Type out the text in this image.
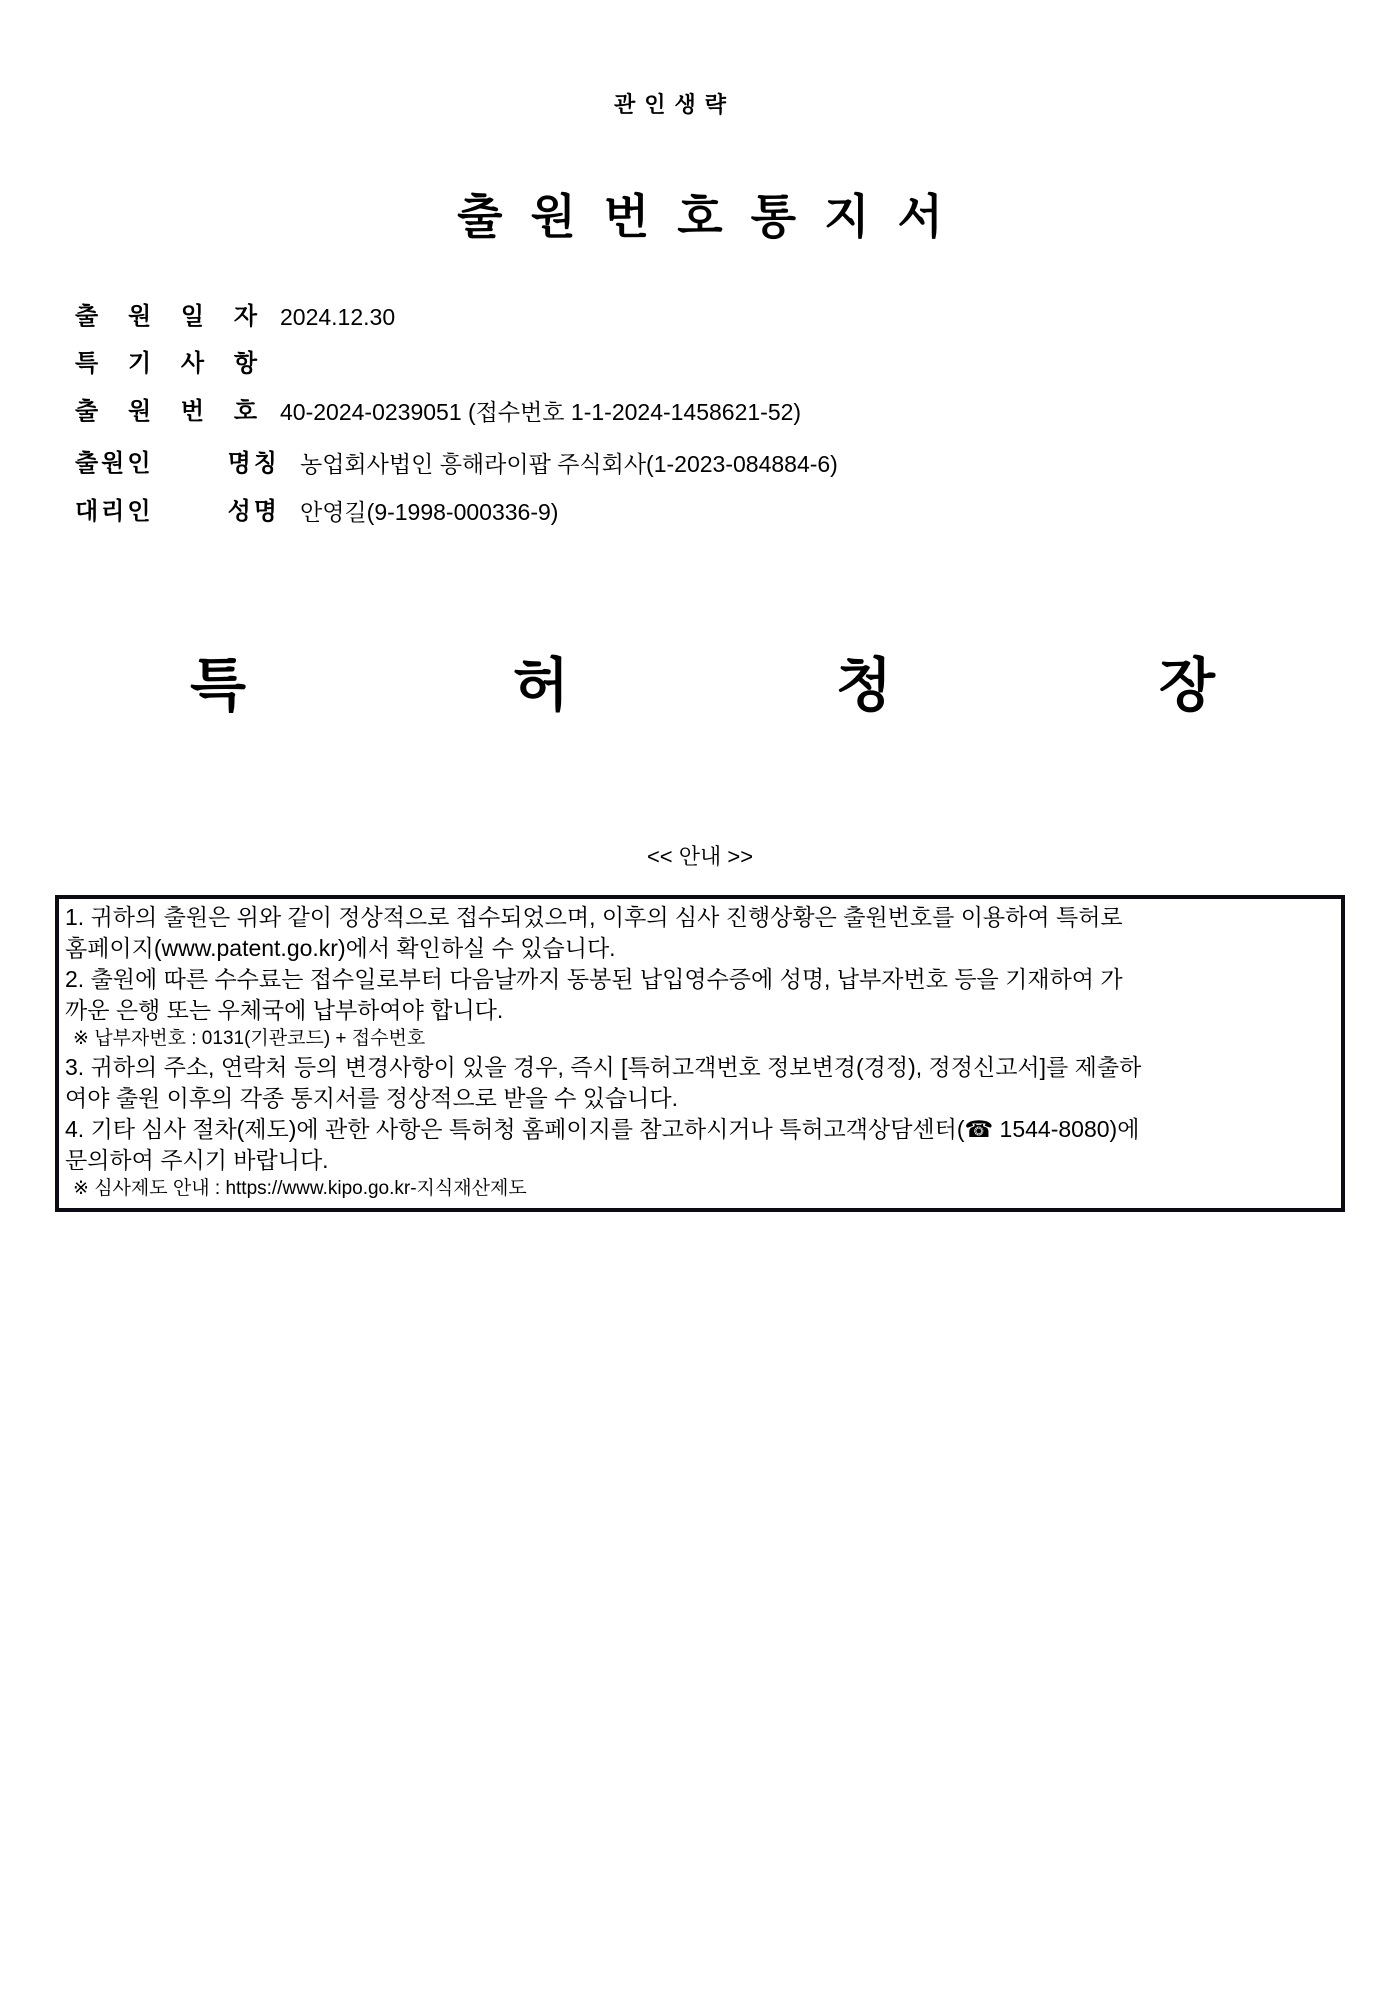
관인생략
출원번호통지서
출 원 일 자 2024.12.30
특 기 사 항
출 원 번 호 40-2024-0239051 (접수번호 1-1-2024-1458621-52)
출원인	명칭 농업회사법인 흥해라이팝 주식회사(1-2023-084884-6)
대리인	성명 안영길(9-1998-000336-9)
특	허	청	장
<< 안내 >>
1. 귀하의 출원은 위와 같이 정상적으로 접수되었으며, 이후의 심사 진행상황은 출원번호를 이용하여 특허로
홈페이지(www.patent.go.kr)에서 확인하실 수 있습니다.
2. 출원에 따른 수수료는 접수일로부터 다음날까지 동봉된 납입영수증에 성명, 납부자번호 등을 기재하여 가
까운 은행 또는 우체국에 납부하여야 합니다.
※ 납부자번호 : 0131(기관코드) + 접수번호
3. 귀하의 주소, 연락처 등의 변경사항이 있을 경우, 즉시 [특허고객번호 정보변경(경정), 정정신고서]를 제출하
여야 출원 이후의 각종 통지서를 정상적으로 받을 수 있습니다.
4. 기타 심사 절차(제도)에 관한 사항은 특허청 홈페이지를 참고하시거나 특허고객상담센터(☎ 1544-8080)에
문의하여 주시기 바랍니다.
※ 심사제도 안내 : https://www.kipo.go.kr-지식재산제도
